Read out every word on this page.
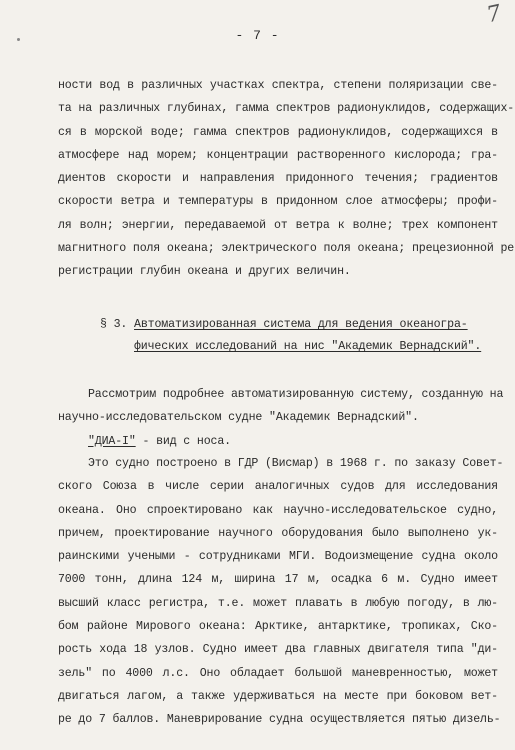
- 7 -
7
ности вод в различных участках спектра, степени поляризации све-
та на различных глубинах, гамма спектров радионуклидов, содержащих-
ся в морской воде; гамма спектров радионуклидов, содержащихся в
атмосфере над морем; концентрации растворенного кислорода; гра-
диентов скорости и направления придонного течения; градиентов
скорости ветра и температуры в придонном слое атмосферы; профи-
ля волн; энергии, передаваемой от ветра к волне; трех компонент
магнитного поля океана; электрического поля океана; прецезионной ре
регистрации глубин океана и других величин.
§ 3. Автоматизированная система для ведения океаногра-
фических исследований на нис "Академик Вернадский".
Рассмотрим подробнее автоматизированную систему, созданную на
научно-исследовательском судне "Академик Вернадский".
"ДИА-I" - вид с носа.
Это судно построено в ГДР (Висмар) в 1968 г. по заказу Совет-
ского Союза в числе серии аналогичных судов для исследования
океана. Оно спроектировано как научно-исследовательское судно,
причем, проектирование научного оборудования было выполнено ук-
раинскими учеными - сотрудниками МГИ. Водоизмещение судна около
7000 тонн, длина 124 м, ширина 17 м, осадка 6 м. Судно имеет
высший класс регистра, т.е. может плавать в любую погоду, в лю-
бом районе Мирового океана: Арктике, антарктике, тропиках, Ско-
рость хода 18 узлов. Судно имеет два главных двигателя типа "ди-
зель" по 4000 л.с. Оно обладает большой маневренностью, может
двигаться лагом, а также удерживаться на месте при боковом вет-
ре до 7 баллов. Маневрирование судна осуществляется пятью дизель-
